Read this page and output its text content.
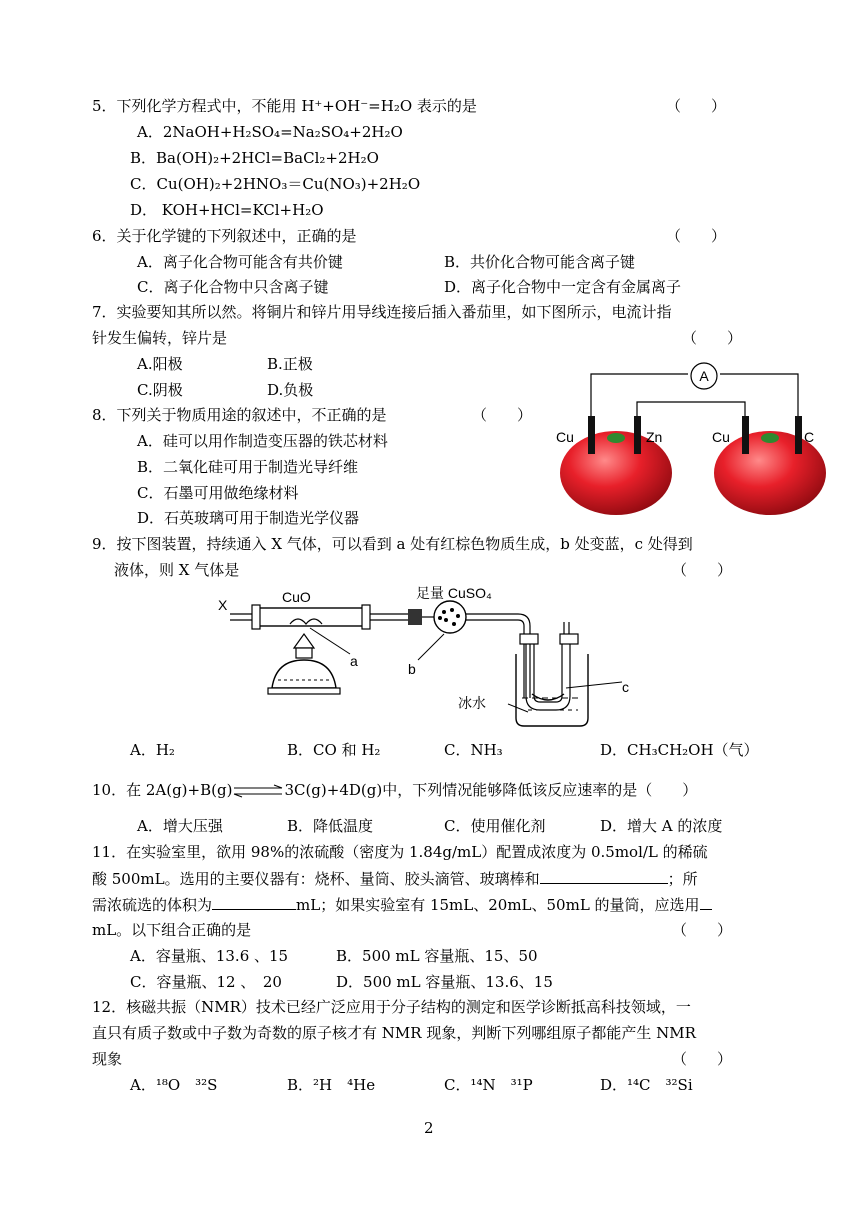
5．下列化学方程式中，不能用 H⁺+OH⁻=H₂O 表示的是	（　　）
A．2NaOH+H₂SO₄=Na₂SO₄+2H₂O
B．Ba(OH)₂+2HCl=BaCl₂+2H₂O
C．Cu(OH)₂+2HNO₃＝Cu(NO₃)+2H₂O
D． KOH+HCl=KCl+H₂O
6．关于化学键的下列叙述中，正确的是	（　　）
A．离子化合物可能含有共价键	B．共价化合物可能含离子键
C．离子化合物中只含离子键	D．离子化合物中一定含有金属离子
7．实验要知其所以然。将铜片和锌片用导线连接后插入番茄里，如下图所示，电流计指
针发生偏转，锌片是	（　　）
A.阳极	B.正极
C.阴极	D.负极
A
Cu	Zn	Cu	C
8．下列关于物质用途的叙述中，不正确的是	（　　）
A．硅可以用作制造变压器的铁芯材料
B．二氧化硅可用于制造光导纤维
C．石墨可用做绝缘材料
D．石英玻璃可用于制造光学仪器
9．按下图装置，持续通入 X 气体，可以看到 a 处有红棕色物质生成，b 处变蓝，c 处得到
液体，则 X 气体是	（　　）
X	CuO
a
足量 CuSO₄
b
c
冰水
A．H₂	B．CO 和 H₂	C．NH₃	D．CH₃CH₂OH（气）
10．在 2A(g)+B(g)⇌3C(g)+4D(g)中，下列情况能够降低该反应速率的是（　　）
A．增大压强	B．降低温度	C．使用催化剂	D．增大 A 的浓度
11．在实验室里，欲用 98%的浓硫酸（密度为 1.84g/mL）配置成浓度为 0.5mol/L 的稀硫
酸 500mL。选用的主要仪器有：烧杯、量筒、胶头滴管、玻璃棒和	；所
需浓硫选的体积为	mL；如果实验室有 15mL、20mL、50mL 的量筒，应选用
mL。以下组合正确的是	（　　）
A．容量瓶、13.6 、15	B．500 mL 容量瓶、15、50
C．容量瓶、12 、　20	D．500 mL 容量瓶、13.6、15
12．核磁共振（NMR）技术已经广泛应用于分子结构的测定和医学诊断抵高科技领域，一
直只有质子数或中子数为奇数的原子核才有 NMR 现象，判断下列哪组原子都能产生 NMR
现象	（　　）
A．¹⁸O　³²S	B．²H　⁴He	C．¹⁴N　³¹P	D．¹⁴C　³²Si
2
